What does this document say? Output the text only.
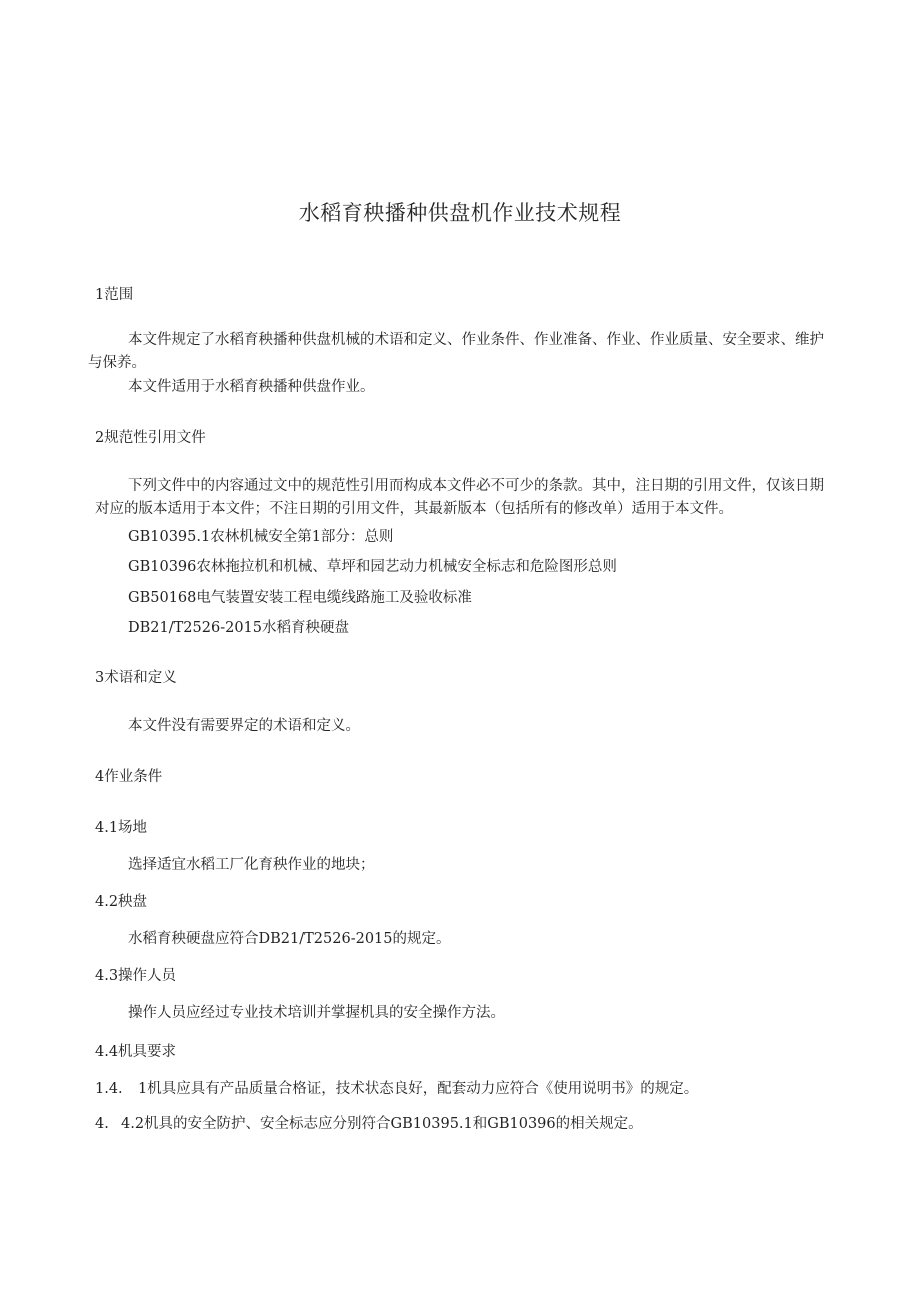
水稻育秧播种供盘机作业技术规程
1范围
本文件规定了水稻育秧播种供盘机械的术语和定义、作业条件、作业准备、作业、作业质量、安全要求、维护与保养。
本文件适用于水稻育秧播种供盘作业。
2规范性引用文件
下列文件中的内容通过文中的规范性引用而构成本文件必不可少的条款。其中，注日期的引用文件，仅该日期对应的版本适用于本文件；不注日期的引用文件，其最新版本（包括所有的修改单）适用于本文件。
GB10395.1农林机械安全第1部分：总则
GB10396农林拖拉机和机械、草坪和园艺动力机械安全标志和危险图形总则
GB50168电气装置安装工程电缆线路施工及验收标准
DB21/T2526-2015水稻育秧硬盘
3术语和定义
本文件没有需要界定的术语和定义。
4作业条件
4.1场地
选择适宜水稻工厂化育秧作业的地块；
4.2秧盘
水稻育秧硬盘应符合DB21/T2526-2015的规定。
4.3操作人员
操作人员应经过专业技术培训并掌握机具的安全操作方法。
4.4机具要求
1.4. 1机具应具有产品质量合格证，技术状态良好，配套动力应符合《使用说明书》的规定。
4. 4.2机具的安全防护、安全标志应分别符合GB10395.1和GB10396的相关规定。
